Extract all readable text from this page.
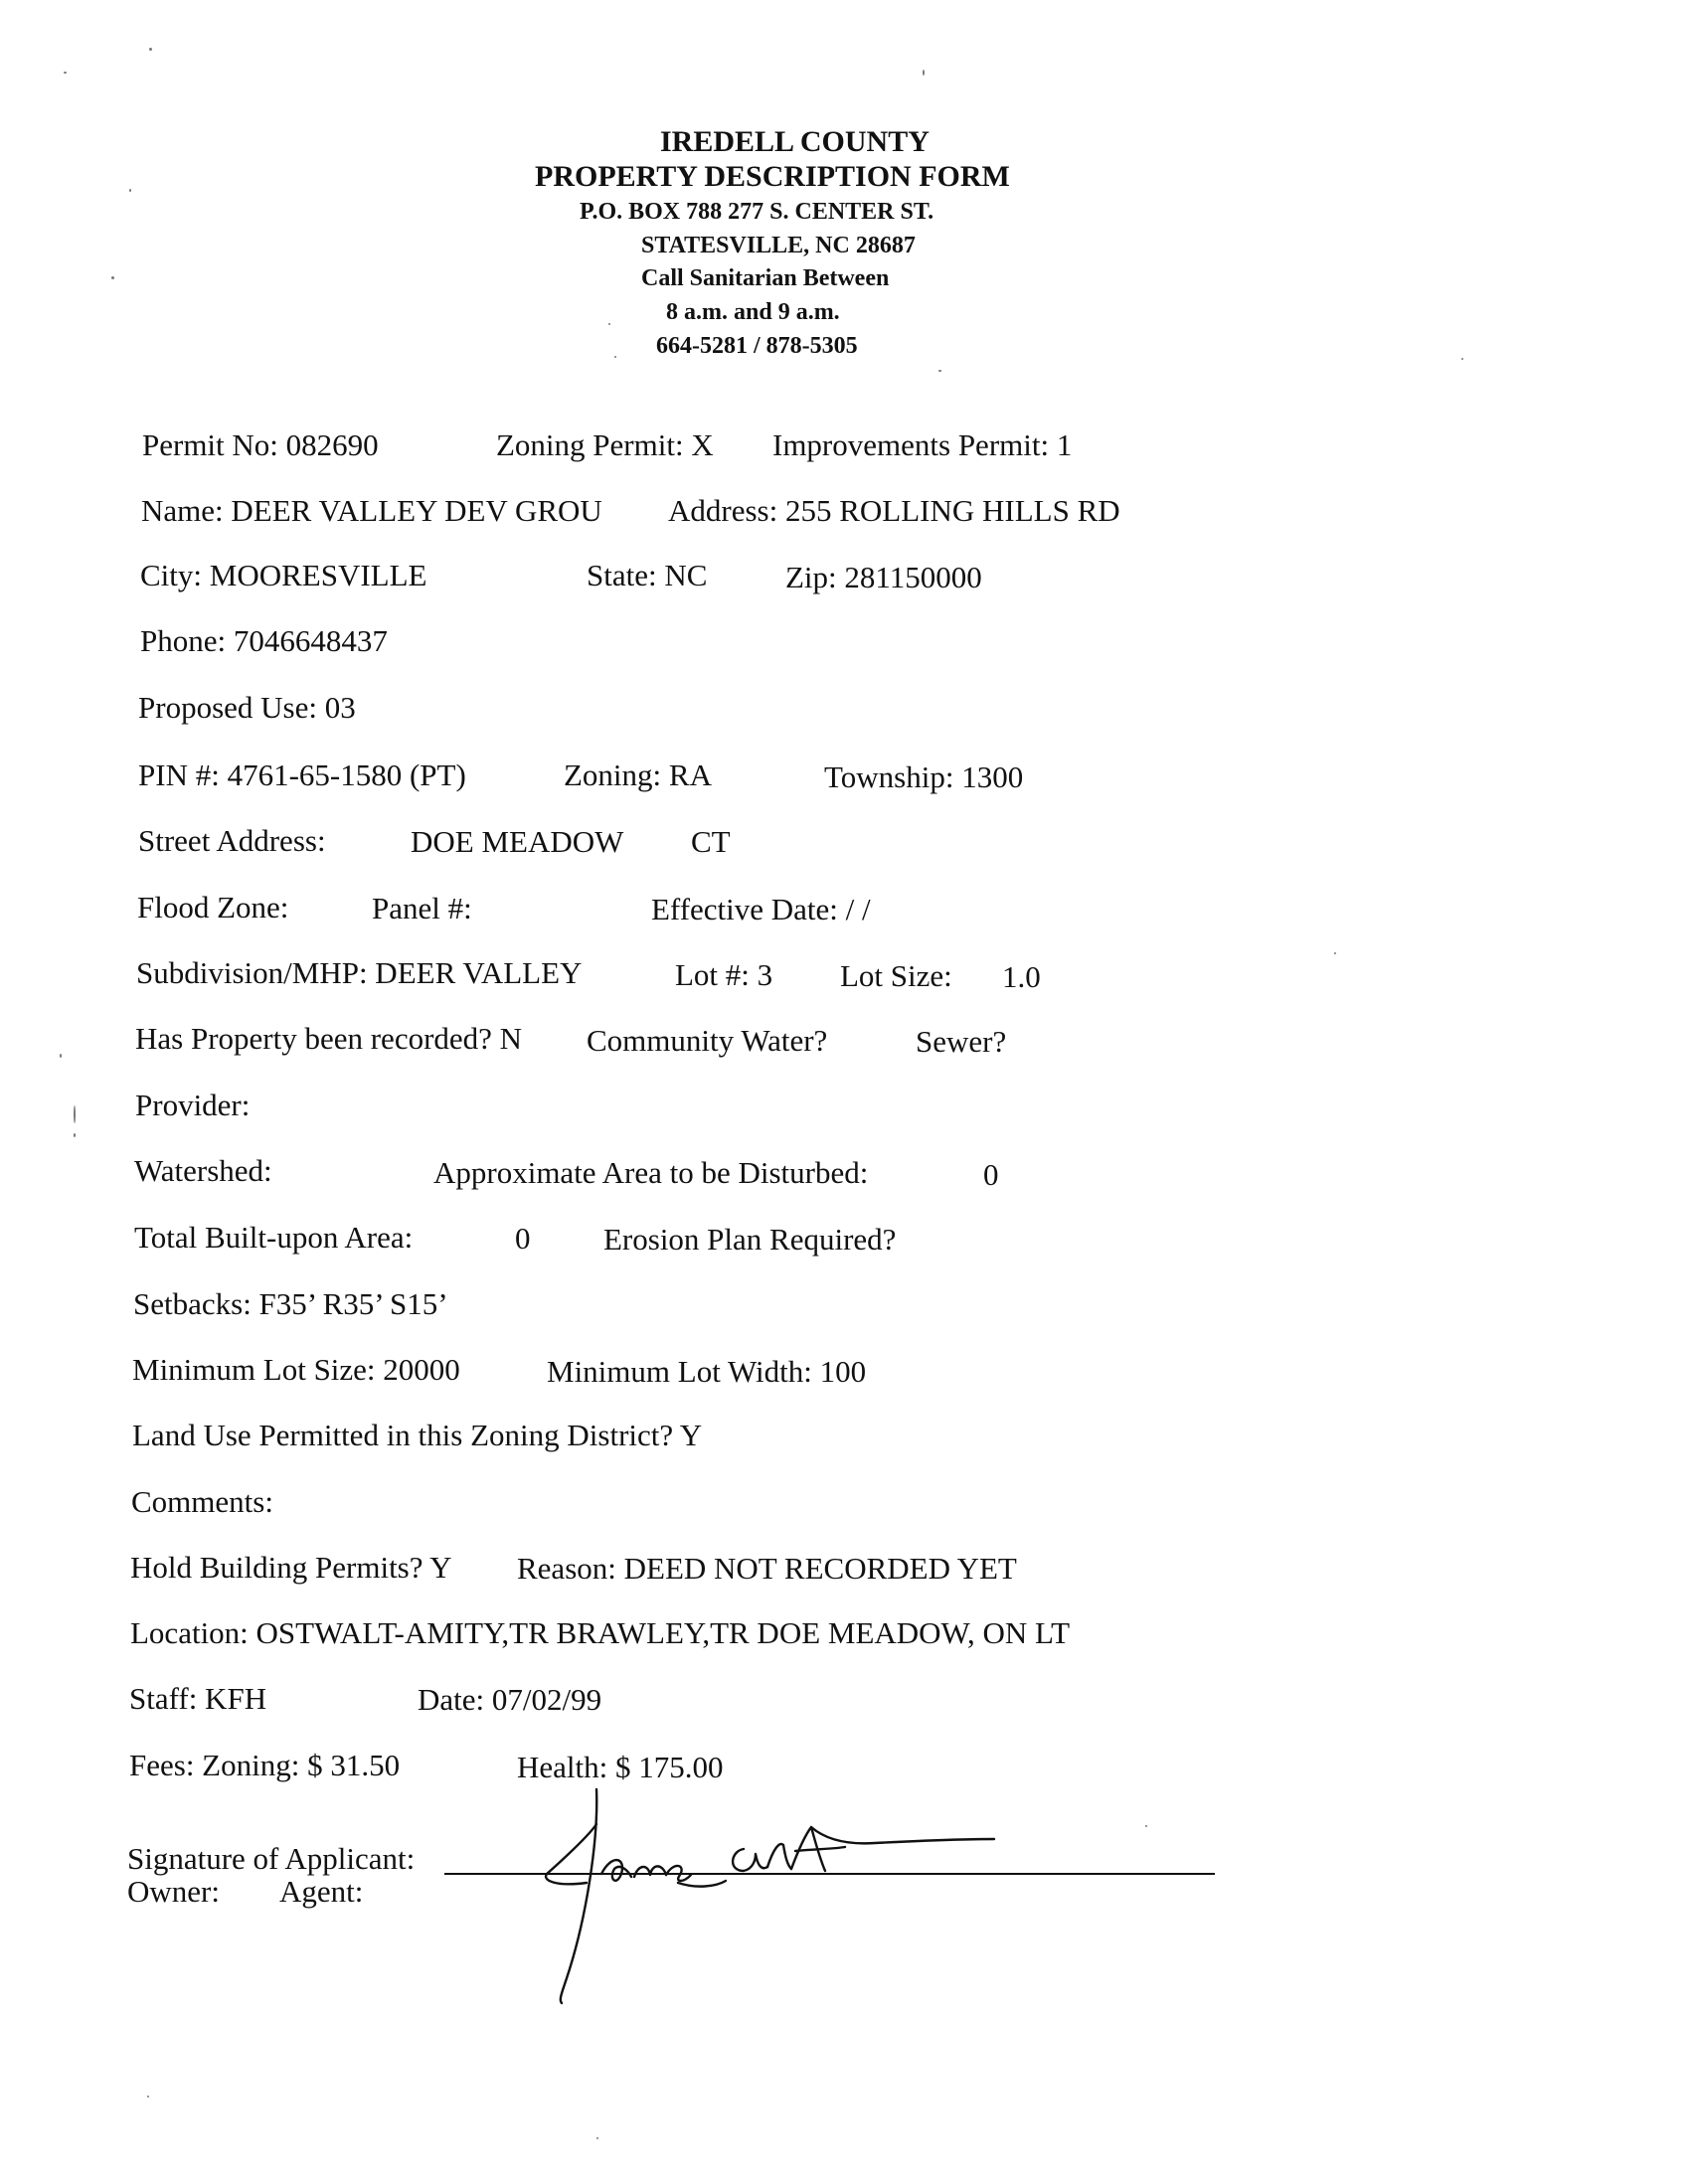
IREDELL COUNTY
PROPERTY DESCRIPTION FORM
P.O. BOX 788 277 S. CENTER ST.
STATESVILLE, NC 28687
Call Sanitarian Between
8 a.m. and 9 a.m.
664-5281 / 878-5305
Permit No: 082690	Zoning Permit: X Improvements Permit: 1
Name: DEER VALLEY DEV GROU Address: 255 ROLLING HILLS RD
City: MOORESVILLE	State: NC	Zip: 281150000
Phone: 7046648437
Proposed Use: 03
PIN #: 4761-65-1580 (PT)	Zoning: RA	Township: 1300
Street Address:	DOE MEADOW CT
Flood Zone:	Panel #:	Effective Date: / /
Subdivision/MHP: DEER VALLEY	Lot #: 3 Lot Size: 1.0
Has Property been recorded? N Community Water?	Sewer?
Provider:
Watershed:	Approximate Area to be Disturbed:	0
Total Built-upon Area:	0 Erosion Plan Required?
Setbacks: F35’ R35’ S15’
Minimum Lot Size: 20000	Minimum Lot Width: 100
Land Use Permitted in this Zoning District? Y
Comments:
Hold Building Permits? Y Reason: DEED NOT RECORDED YET
Location: OSTWALT-AMITY,TR BRAWLEY,TR DOE MEADOW, ON LT
Staff: KFH	Date: 07/02/99
Fees: Zoning: $ 31.50	Health: $ 175.00
Signature of Applicant:
Owner: Agent:
